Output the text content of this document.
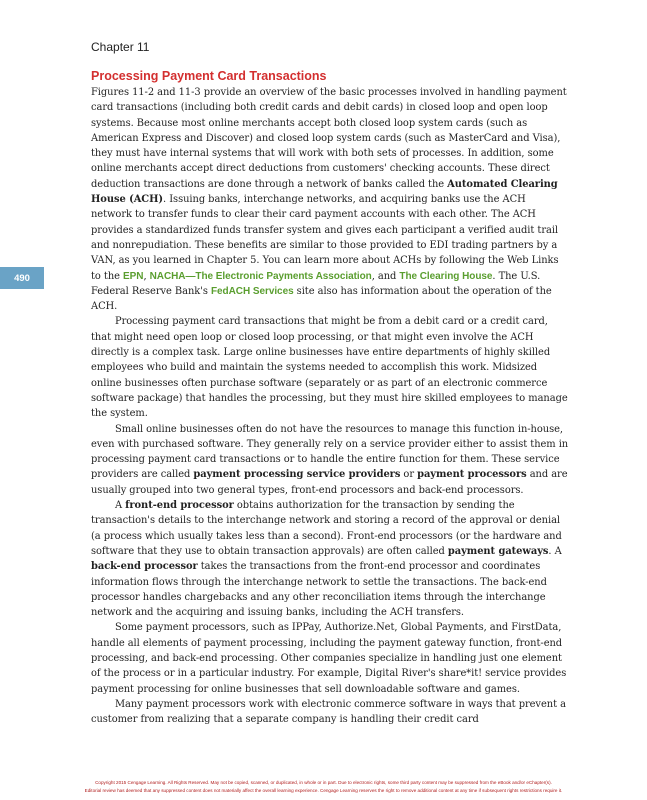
Chapter 11
Processing Payment Card Transactions
490

Figures 11-2 and 11-3 provide an overview of the basic processes involved in handling payment card transactions (including both credit cards and debit cards) in closed loop and open loop systems. Because most online merchants accept both closed loop system cards (such as American Express and Discover) and closed loop system cards (such as MasterCard and Visa), they must have internal systems that will work with both sets of processes. In addition, some online merchants accept direct deductions from customers' checking accounts. These direct deduction transactions are done through a network of banks called the Automated Clearing House (ACH). Issuing banks, interchange networks, and acquiring banks use the ACH network to transfer funds to clear their card payment accounts with each other. The ACH provides a standardized funds transfer system and gives each participant a verified audit trail and nonrepudiation. These benefits are similar to those provided to EDI trading partners by a VAN, as you learned in Chapter 5. You can learn more about ACHs by following the Web Links to the EPN, NACHA—The Electronic Payments Association, and The Clearing House. The U.S. Federal Reserve Bank's FedACH Services site also has information about the operation of the ACH.

Processing payment card transactions that might be from a debit card or a credit card, that might need open loop or closed loop processing, or that might even involve the ACH directly is a complex task. Large online businesses have entire departments of highly skilled employees who build and maintain the systems needed to accomplish this work. Midsized online businesses often purchase software (separately or as part of an electronic commerce software package) that handles the processing, but they must hire skilled employees to manage the system.

Small online businesses often do not have the resources to manage this function in-house, even with purchased software. They generally rely on a service provider either to assist them in processing payment card transactions or to handle the entire function for them. These service providers are called payment processing service providers or payment processors and are usually grouped into two general types, front-end processors and back-end processors.

A front-end processor obtains authorization for the transaction by sending the transaction's details to the interchange network and storing a record of the approval or denial (a process which usually takes less than a second). Front-end processors (or the hardware and software that they use to obtain transaction approvals) are often called payment gateways. A back-end processor takes the transactions from the front-end processor and coordinates information flows through the interchange network to settle the transactions. The back-end processor handles chargebacks and any other reconciliation items through the interchange network and the acquiring and issuing banks, including the ACH transfers.

Some payment processors, such as IPPay, Authorize.Net, Global Payments, and FirstData, handle all elements of payment processing, including the payment gateway function, front-end processing, and back-end processing. Other companies specialize in handling just one element of the process or in a particular industry. For example, Digital River's share*it! service provides payment processing for online businesses that sell downloadable software and games.

Many payment processors work with electronic commerce software in ways that prevent a customer from realizing that a separate company is handling their credit card

Copyright 2015 Cengage Learning. All Rights Reserved. May not be copied, scanned, or duplicated, in whole or in part. Due to electronic rights, some third party content may be suppressed from the eBook and/or eChapter(s).
Editorial review has deemed that any suppressed content does not materially affect the overall learning experience. Cengage Learning reserves the right to remove additional content at any time if subsequent rights restrictions require it.
